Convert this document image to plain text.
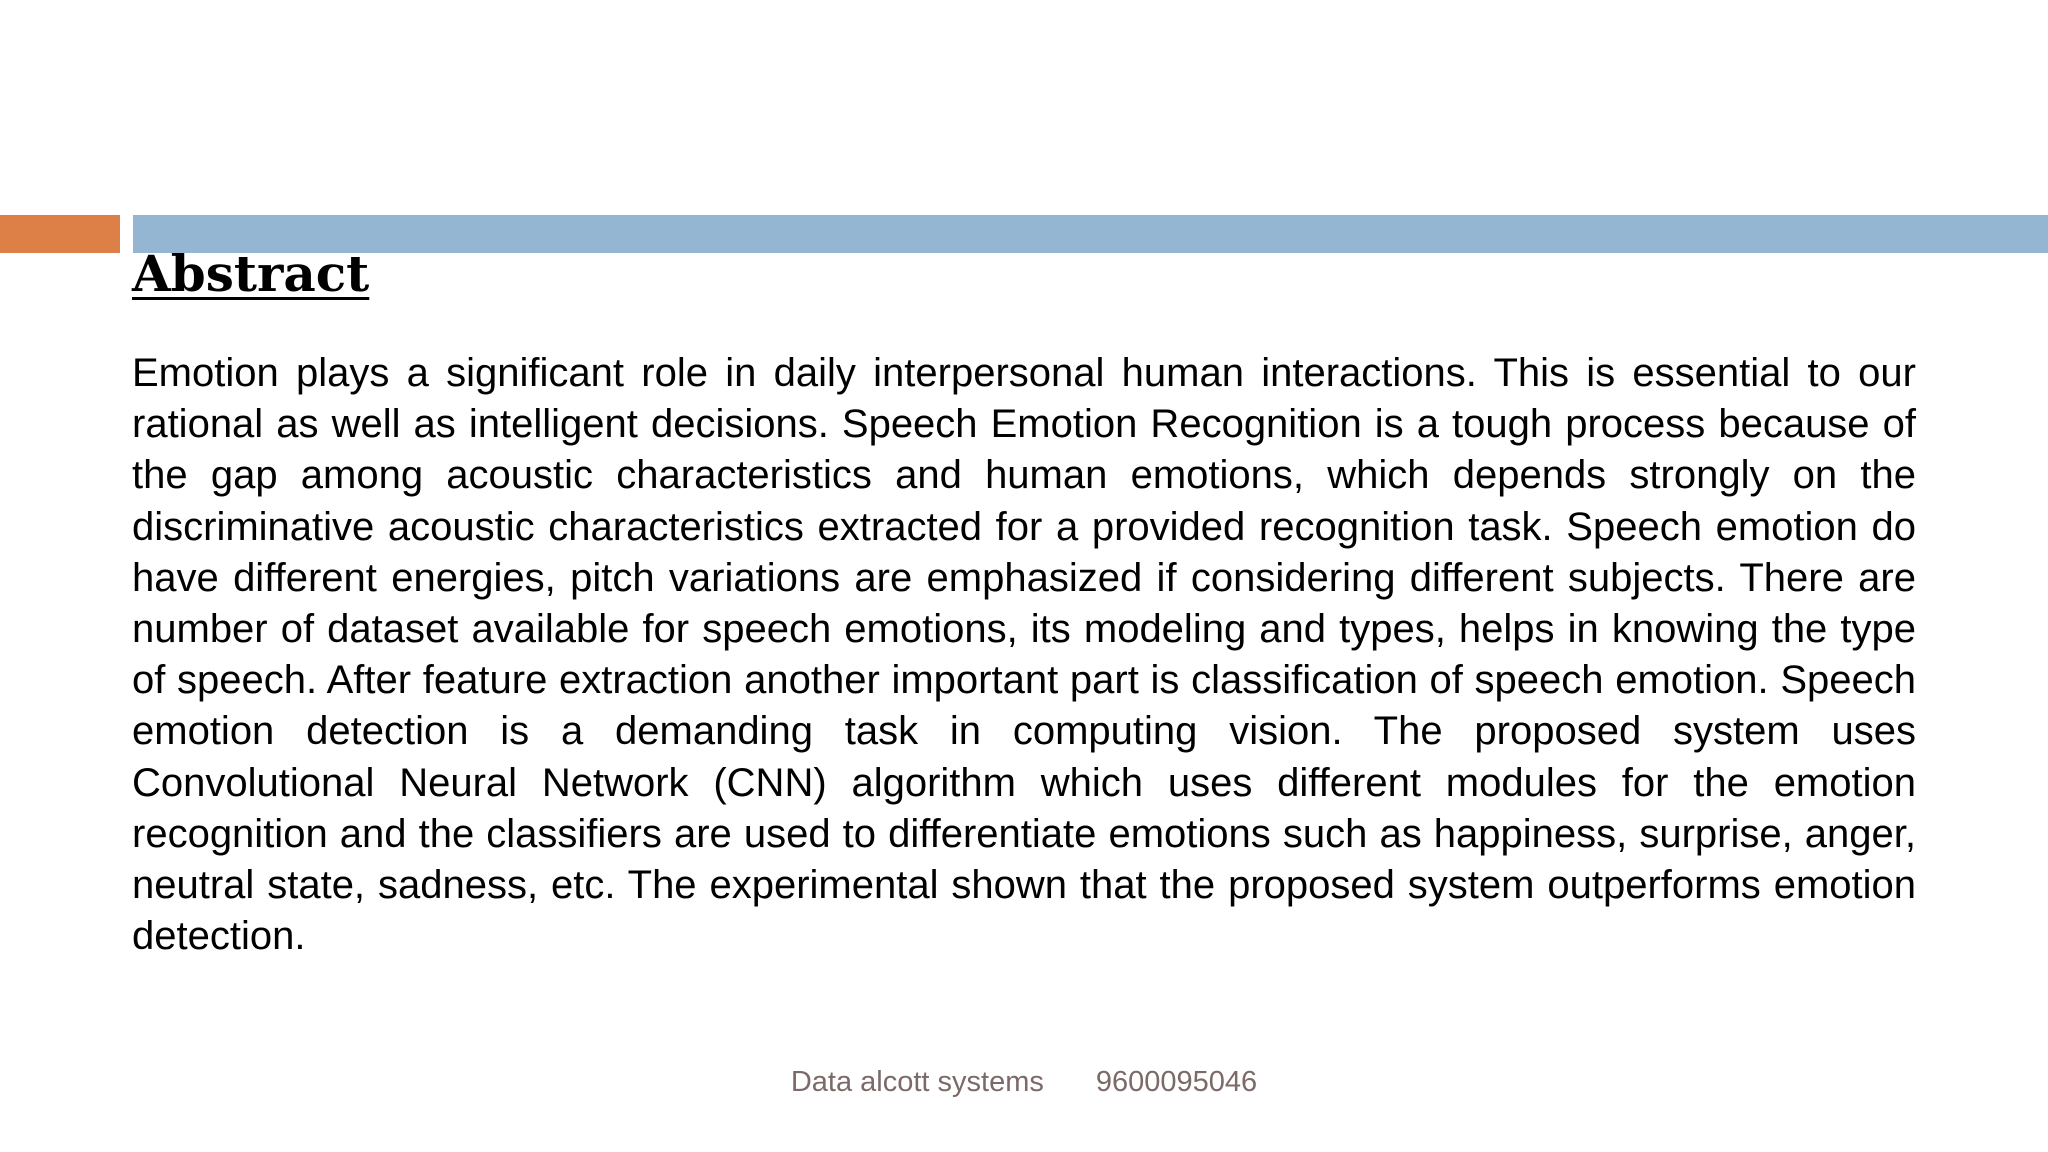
Abstract

Emotion plays a significant role in daily interpersonal human interactions. This is essential to our rational as well as intelligent decisions. Speech Emotion Recognition is a tough process because of the gap among acoustic characteristics and human emotions, which depends strongly on the discriminative acoustic characteristics extracted for a provided recognition task. Speech emotion do have different energies, pitch variations are emphasized if considering different subjects. There are number of dataset available for speech emotions, its modeling and types, helps in knowing the type of speech. After feature extraction another important part is classification of speech emotion. Speech emotion detection is a demanding task in computing vision. The proposed system uses Convolutional Neural Network (CNN) algorithm which uses different modules for the emotion recognition and the classifiers are used to differentiate emotions such as happiness, surprise, anger, neutral state, sadness, etc. The experimental shown that the proposed system outperforms emotion detection.

Data alcott systems 9600095046
